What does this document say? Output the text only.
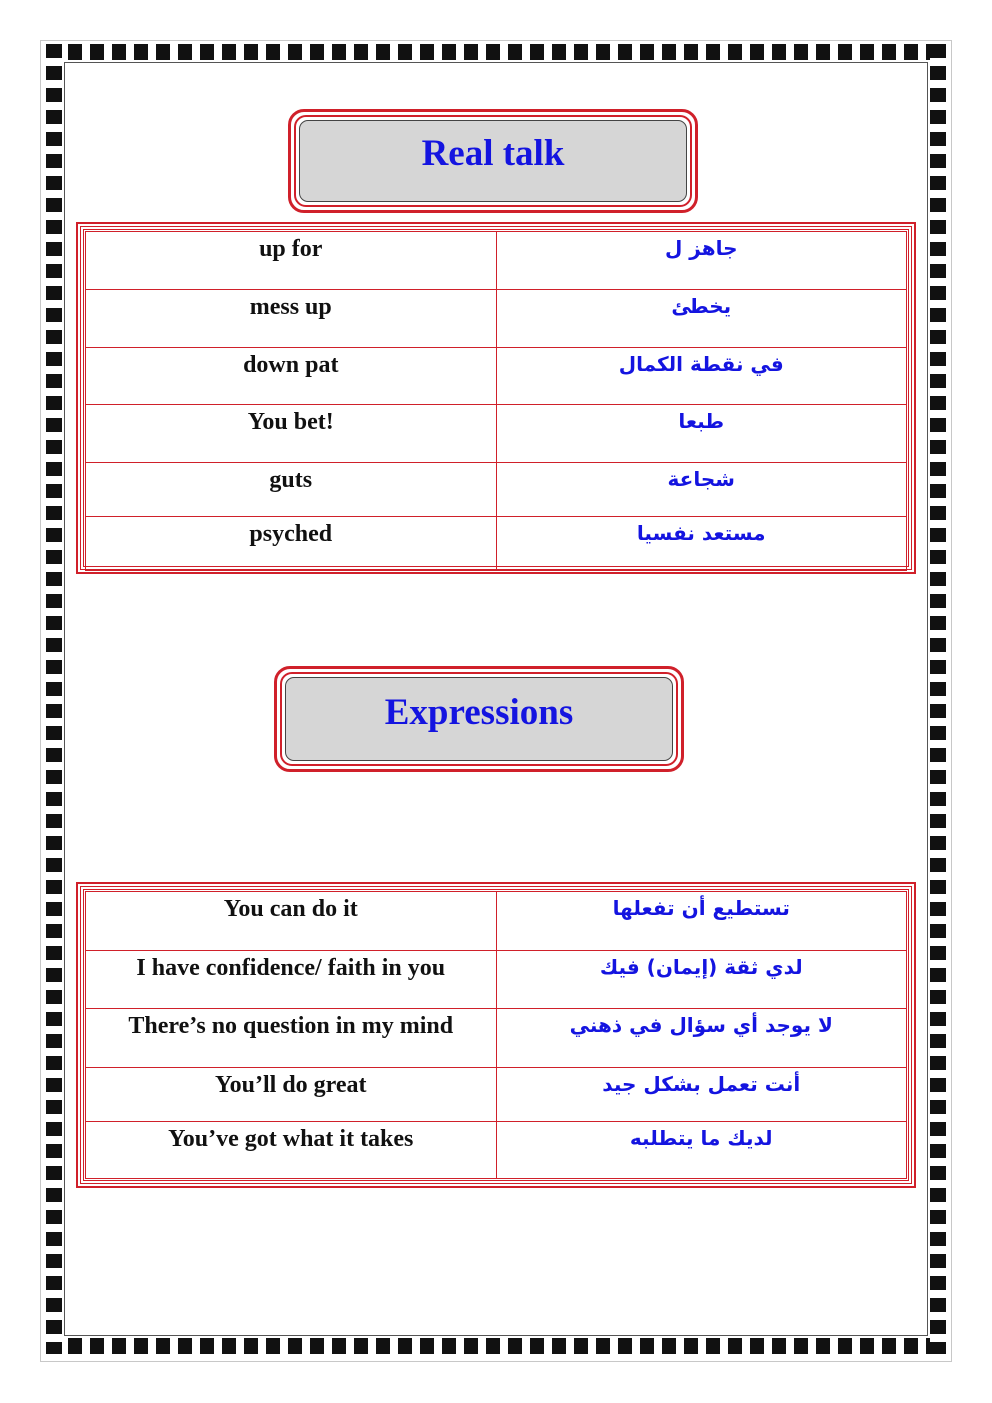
Real talk
up for	جاهز ل
mess up	يخطئ
down pat	في نقطة الكمال
You bet!	طبعا
guts	شجاعة
psyched	مستعد نفسيا
Expressions
You can do it	تستطيع أن تفعلها
I have confidence/ faith in you	لدي ثقة (إيمان) فيك
There’s no question in my mind	لا يوجد أي سؤال في ذهني
You’ll do great	أنت تعمل بشكل جيد
You’ve got what it takes	لديك ما يتطلبه
